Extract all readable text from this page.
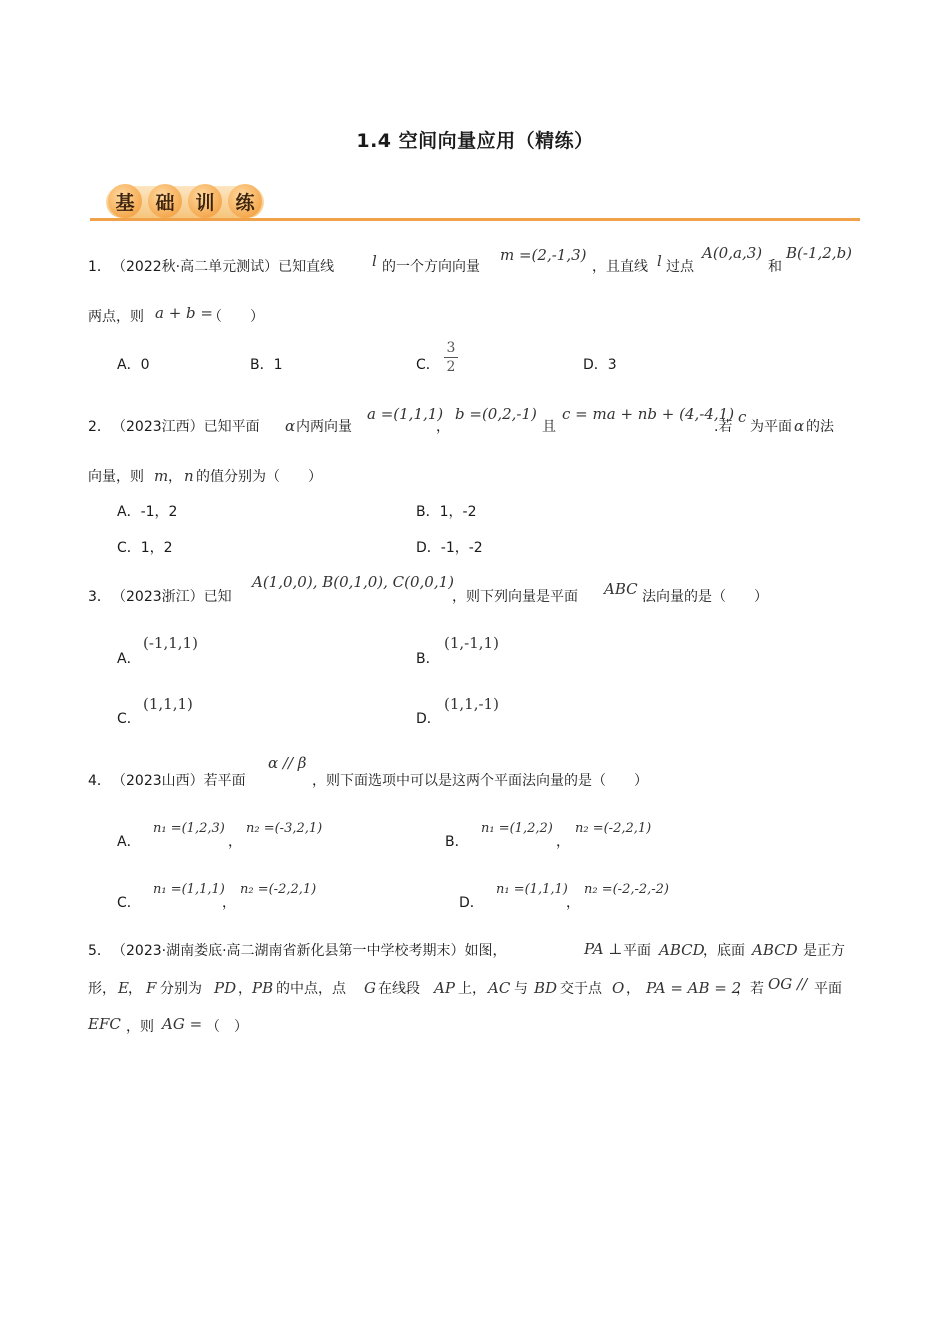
1.4 空间向量应用（精练）
基	础	训	练
1． （2022秋·高二单元测试）已知直线	l 的一个方向向量
m =(2,-1,3)
，且直线 l 过点
A(0,a,3)
和
B(-1,2,b)
两点，则 a + b =
（　　）
A．0	B．1	C．
3
2	D．3
2． （2023江西）已知平面 α 内两向量
a =(1,1,1)
，
b =(0,2,-1)
且
c = ma + nb + (4,-4,1)
.若
c
为平面 α 的法
向量，则 m ， n 的值分别为（　　）
A．-1，2	B．1，-2
C．1，2	D．-1，-2
3． （2023浙江）已知
A(1,0,0), B(0,1,0), C(0,0,1)
，则下列向量是平面 ABC 法向量的是（　　）
A．
(-1,1,1)
B．
(1,-1,1)
C．
(1,1,1)
D．
(1,1,-1)
4． （2023山西）若平面
α // β
，则下面选项中可以是这两个平面法向量的是（　　）
A．
n₁ =(1,2,3)
，
n₂ =(-3,2,1)
B．
n₁ =(1,2,2)
，
n₂ =(-2,2,1)
C．
n₁ =(1,1,1)
，
n₂ =(-2,2,1)
D．
n₁ =(1,1,1)
，
n₂ =(-2,-2,-2)
5． （2023·湖南娄底·高二湖南省新化县第一中学校考期末）如图，	PA ⊥ 平面 ABCD
，底面 ABCD 是正方
形， E ， F 分别为 PD ， PB 的中点，点 G 在线段 AP 上， AC 与 BD 交于点 O ， PA = AB = 2
，若 OG // 平面
EFC ，则 AG = （　）
